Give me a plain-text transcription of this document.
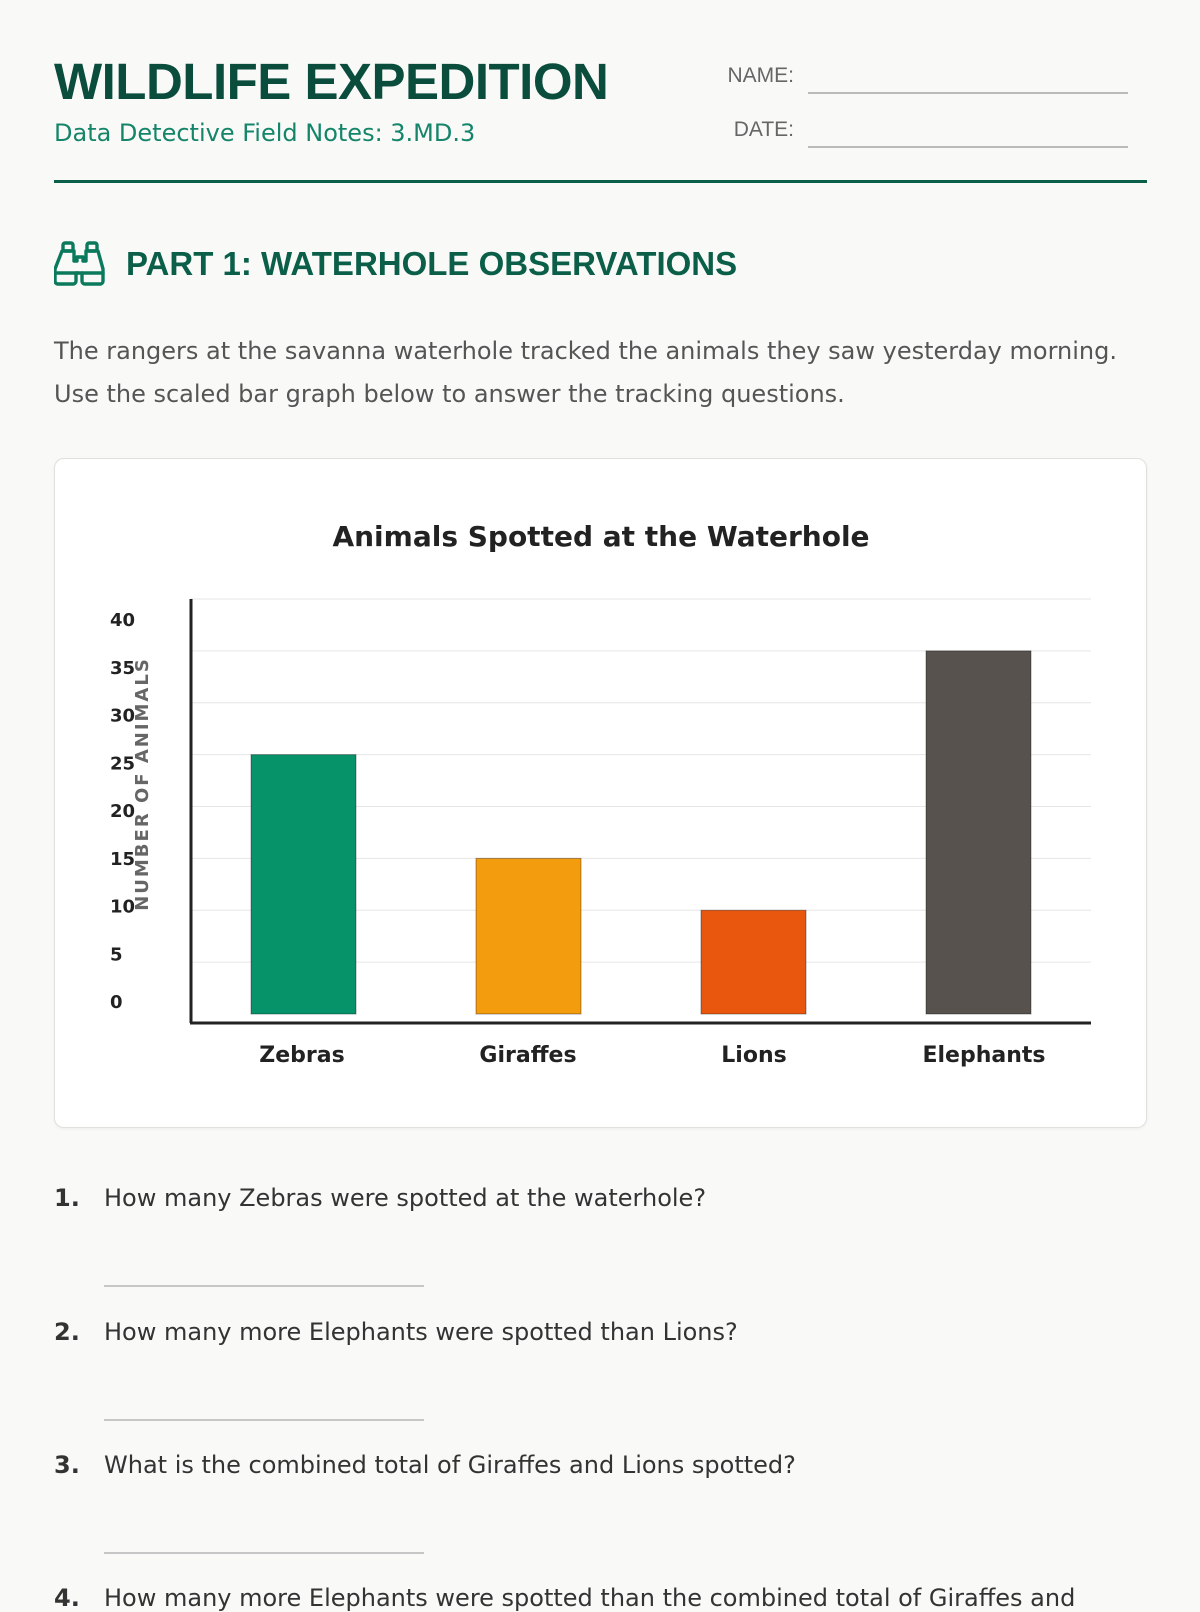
WILDLIFE EXPEDITION
Data Detective Field Notes: 3.MD.3
NAME:
DATE:
PART 1: WATERHOLE OBSERVATIONS
The rangers at the savanna waterhole tracked the animals they saw yesterday morning.
Use the scaled bar graph below to answer the tracking questions.
Animals Spotted at the Waterhole
0
5
10
15
20
25
30
35
40
NUMBER OF ANIMALS
Zebras	Giraffes	Lions	Elephants
1. How many Zebras were spotted at the waterhole?
2. How many more Elephants were spotted than Lions?
3. What is the combined total of Giraffes and Lions spotted?
4. How many more Elephants were spotted than the combined total of Giraffes and
